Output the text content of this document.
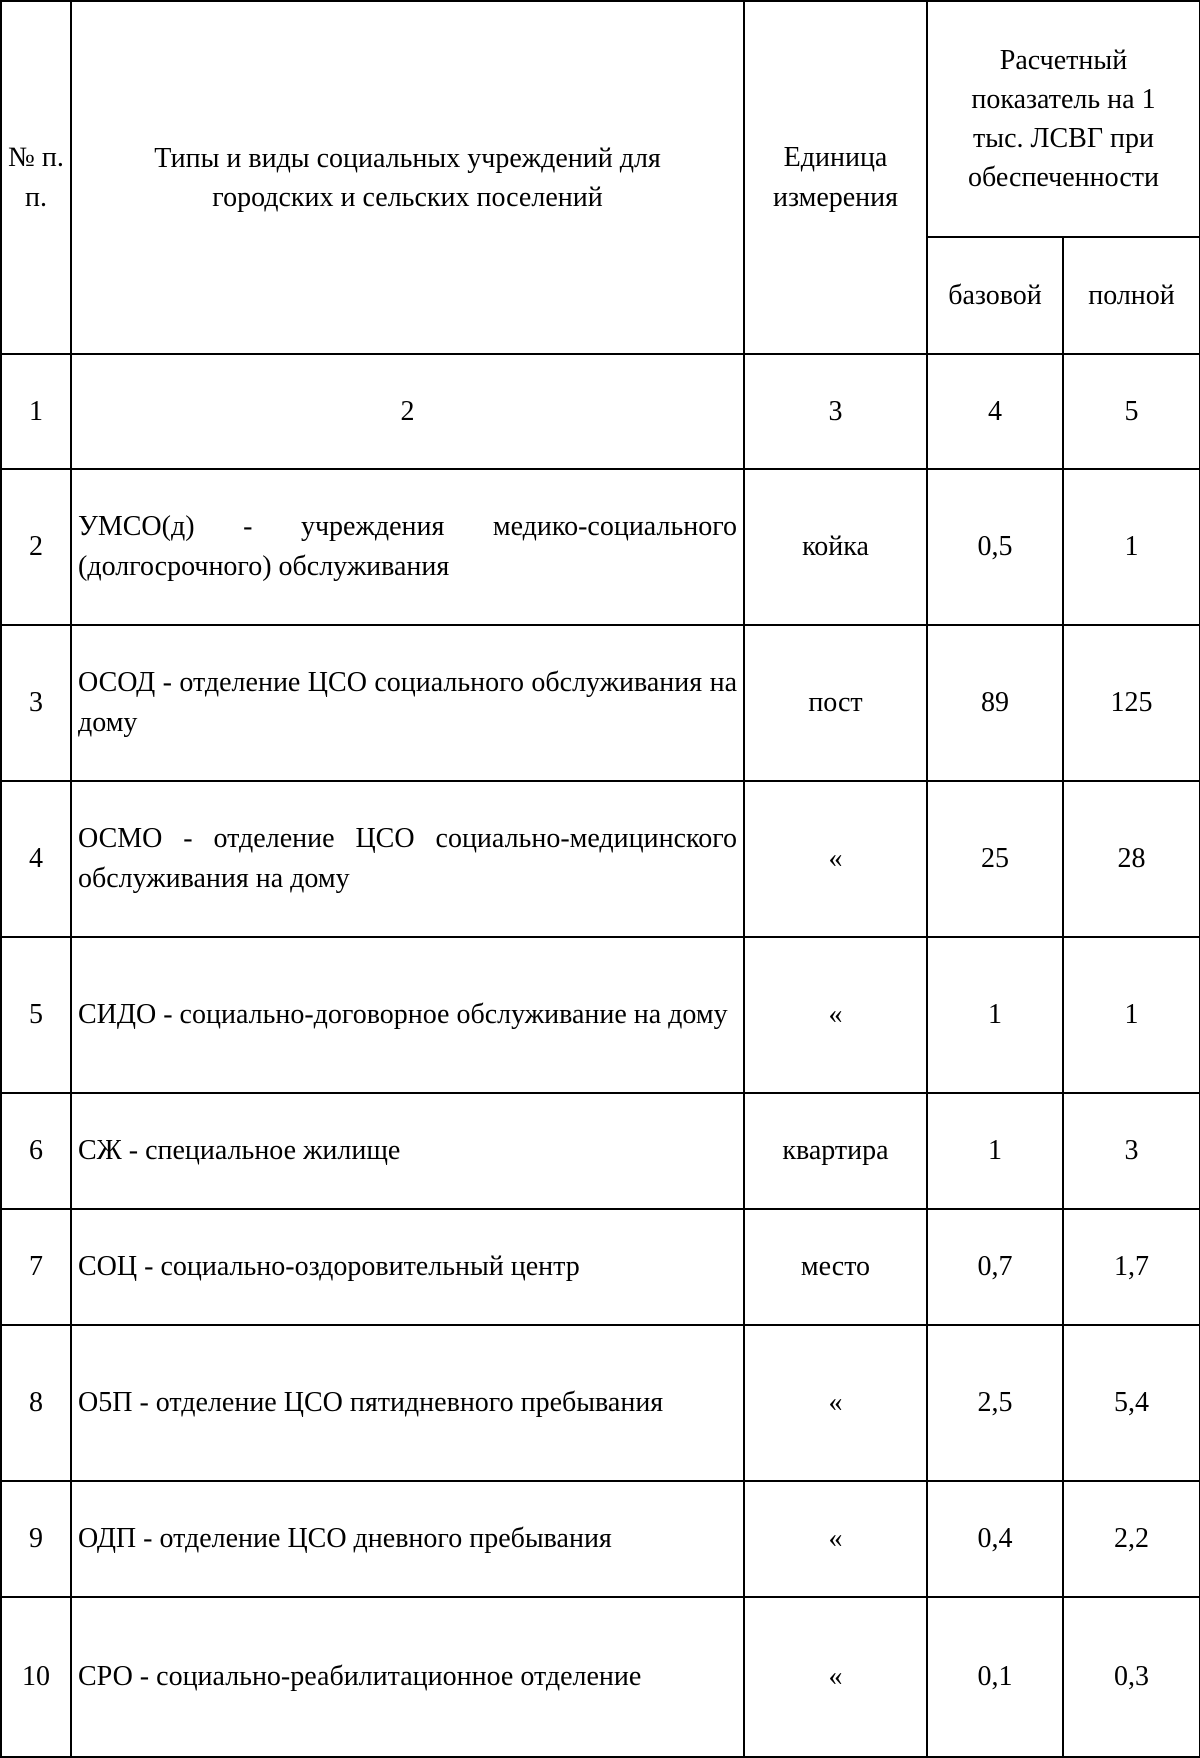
№ п. п.	Типы и виды социальных учреждений для городских и сельских поселений	Единица измерения	Расчетный показатель на 1 тыс. ЛСВГ при обеспеченности	
			базовой	полной
1	2	3	4	5
2	УМСО(д) - учреждения медико-социального (долгосрочного) обслуживания	койка	0,5	1
3	ОСОД - отделение ЦСО социального обслуживания на дому	пост	89	125
4	ОСМО - отделение ЦСО социально-медицинского обслуживания на дому	«	25	28
5	СИДО - социально-договорное обслуживание на дому	«	1	1
6	СЖ - специальное жилище	квартира	1	3
7	СОЦ - социально-оздоровительный центр	место	0,7	1,7
8	О5П - отделение ЦСО пятидневного пребывания	«	2,5	5,4
9	ОДП - отделение ЦСО дневного пребывания	«	0,4	2,2
10	СРО - социально-реабилитационное отделение	«	0,1	0,3
